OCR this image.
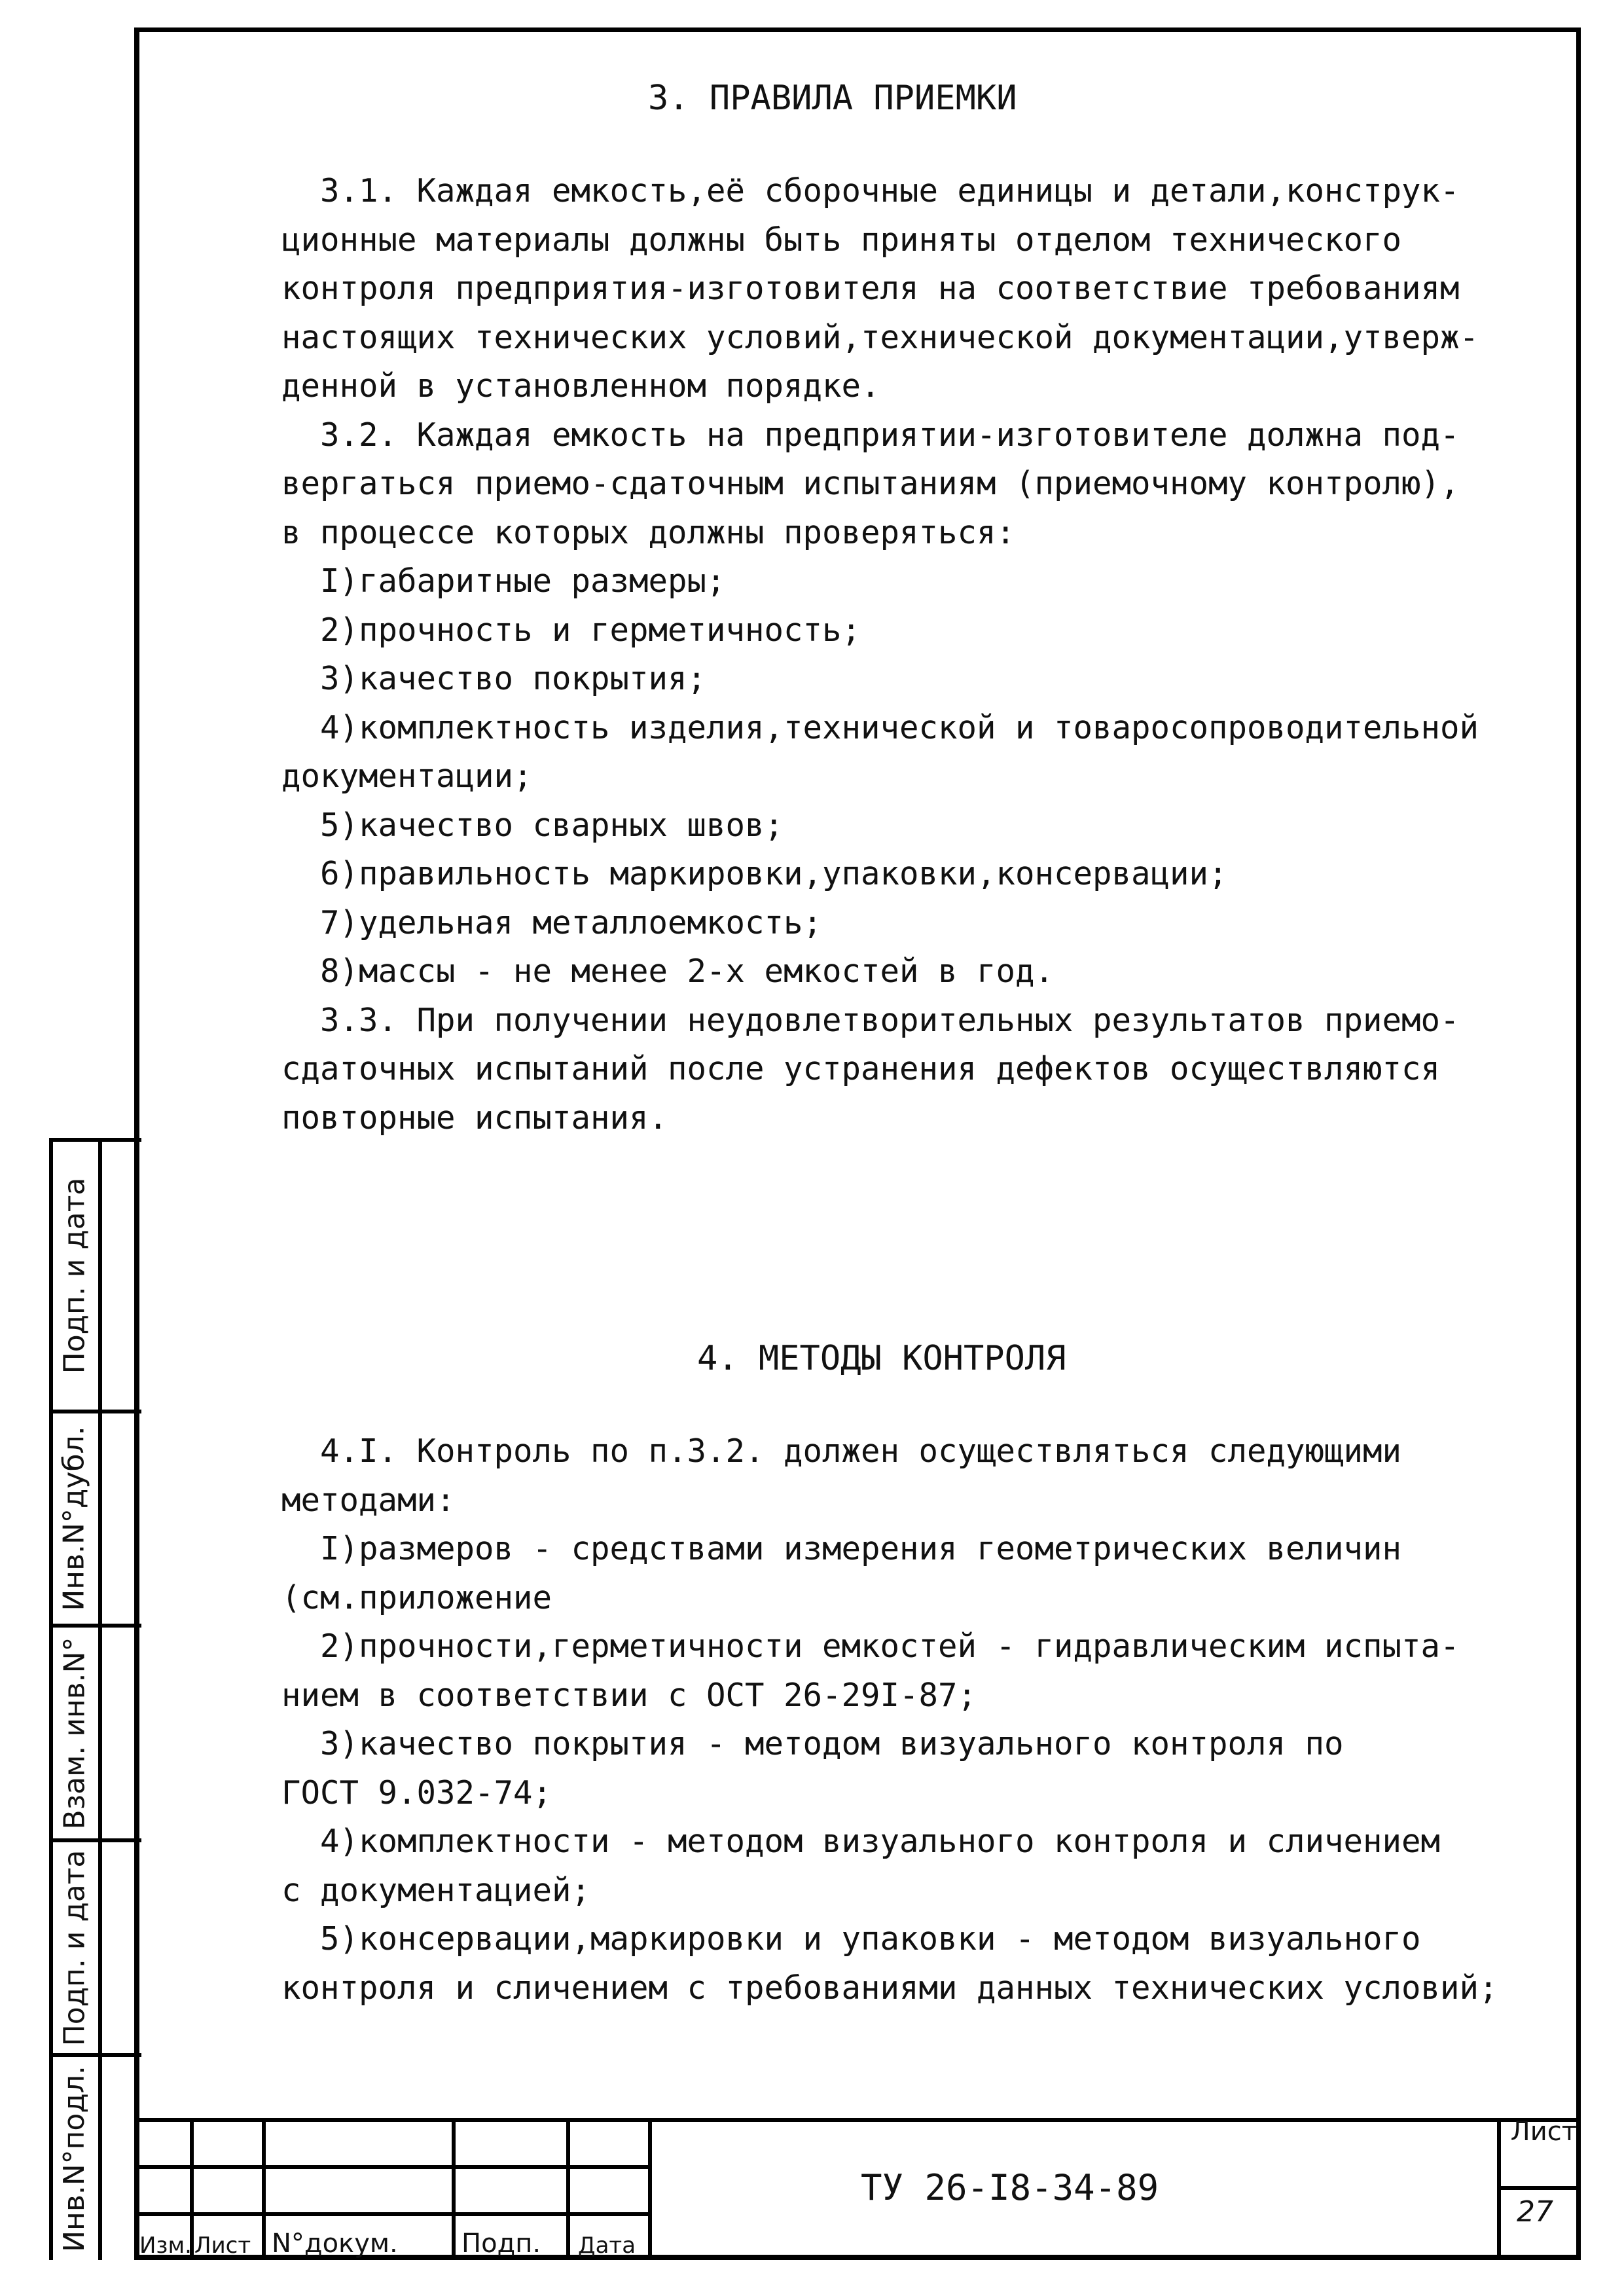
3. ПРАВИЛА ПРИЕМКИ
3.1. Каждая емкость,её сборочные единицы и детали,конструк-
ционные материалы должны быть приняты отделом технического
контроля предприятия-изготовителя на соответствие требованиям
настоящих технических условий,технической документации,утверж-
денной в установленном порядке.
3.2. Каждая емкость на предприятии-изготовителе должна под-
вергаться приемо-сдаточным испытаниям (приемочному контролю),
в процессе которых должны проверяться:
I)габаритные размеры;
2)прочность и герметичность;
3)качество покрытия;
4)комплектность изделия,технической и товаросопроводительной
документации;
5)качество сварных швов;
6)правильность маркировки,упаковки,консервации;
7)удельная металлоемкость;
8)массы - не менее 2-х емкостей в год.
3.3. При получении неудовлетворительных результатов приемо-
сдаточных испытаний после устранения дефектов осуществляются
повторные испытания.
4. МЕТОДЫ КОНТРОЛЯ
4.I. Контроль по п.3.2. должен осуществляться следующими
методами:
I)размеров - средствами измерения геометрических величин
(см.приложение
2)прочности,герметичности емкостей - гидравлическим испыта-
нием в соответствии с ОСТ 26-29I-87;
3)качество покрытия - методом визуального контроля по
ГОСТ 9.032-74;
4)комплектности - методом визуального контроля и сличением
с документацией;
5)консервации,маркировки и упаковки - методом визуального
контроля и сличением с требованиями данных технических условий;
Подп. и дата
Инв.N°дубл.
Взам. инв.N°
Подп. и дата
Инв.N°подл. Изм. Лист N°докум. Подп. Дата
ТУ 26-I8-34-89
Лист
27
